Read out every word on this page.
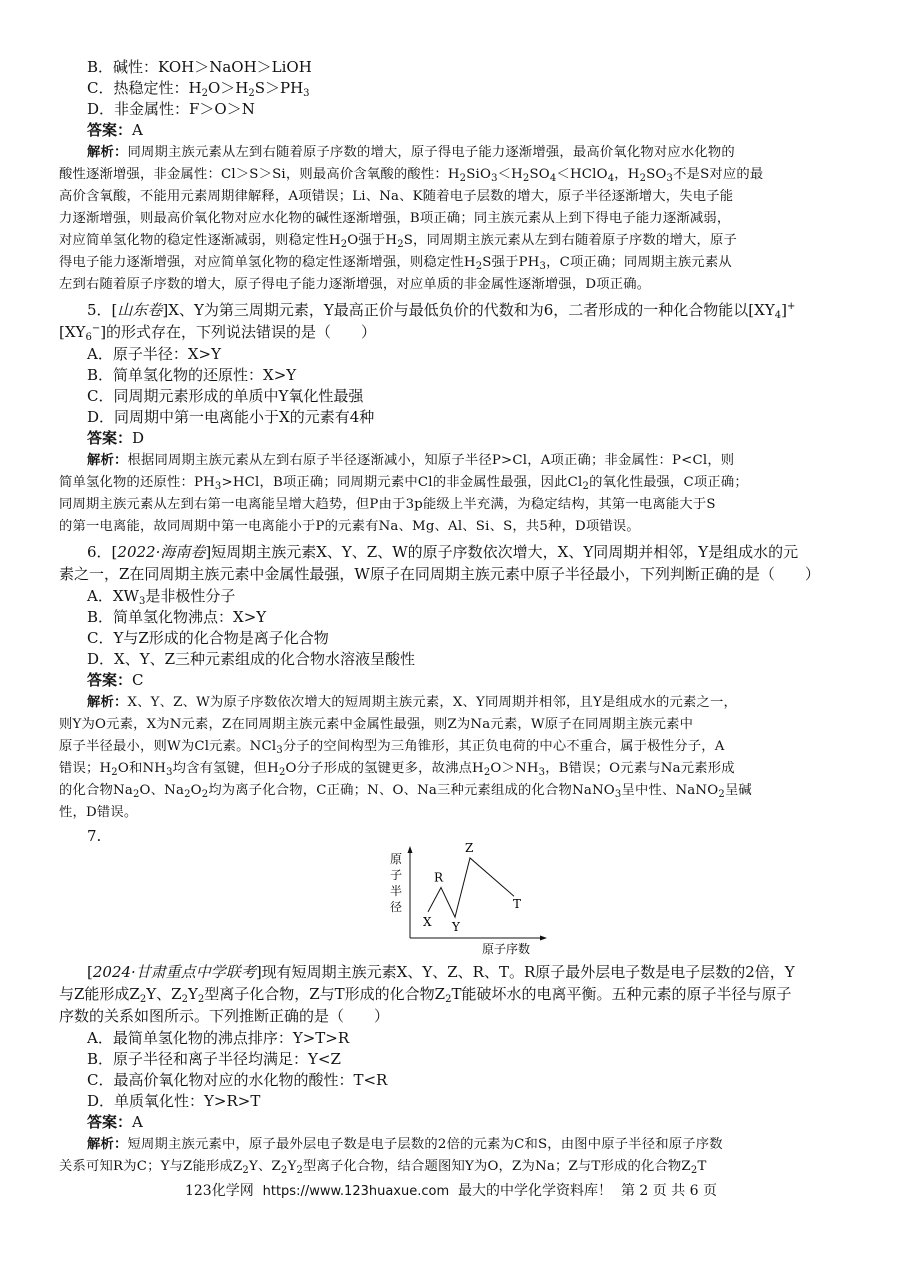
B．碱性：KOH＞NaOH＞LiOH
C．热稳定性：$H_2O>H_2S>PH_3$
D．非金属性：F＞O＞N
答案：A
解析：同周期主族元素从左到右随着原子序数的增大，原子得电子能力逐渐增强，最高价氧化物对应水化物的
酸性逐渐增强，非金属性：Cl＞S＞Si，则最高价含氧酸的酸性：$H_2SiO_3<H_2SO_4<HClO_4$，$H_2SO_3$不是S对应的最
高价含氧酸，不能用元素周期律解释，A项错误；Li、Na、K随着电子层数的增大，原子半径逐渐增大，失电子能
力逐渐增强，则最高价氧化物对应水化物的碱性逐渐增强，B项正确；同主族元素从上到下得电子能力逐渐减弱，
对应简单氢化物的稳定性逐渐减弱，则稳定性$H_2O$强于$H_2S$，同周期主族元素从左到右随着原子序数的增大，原子
得电子能力逐渐增强，对应简单氢化物的稳定性逐渐增强，则稳定性$H_2S$强于$PH_3$，C项正确；同周期主族元素从
左到右随着原子序数的增大，原子得电子能力逐渐增强，对应单质的非金属性逐渐增强，D项正确。
5．[山东卷]X、Y为第三周期元素，Y最高正价与最低负价的代数和为6，二者形成的一种化合物能以$[XY_4]^+$
$[XY_6^-]$的形式存在，下列说法错误的是（　　）
A．原子半径：X>Y
B．简单氢化物的还原性：X>Y
C．同周期元素形成的单质中Y氧化性最强
D．同周期中第一电离能小于X的元素有4种
答案：D
解析：根据同周期主族元素从左到右原子半径逐渐减小，知原子半径P>Cl，A项正确；非金属性：P<Cl，则
简单氢化物的还原性：$PH_3>HCl$，B项正确；同周期元素中Cl的非金属性最强，因此$Cl_2$的氧化性最强，C项正确；
同周期主族元素从左到右第一电离能呈增大趋势，但P由于3p能级上半充满，为稳定结构，其第一电离能大于S
的第一电离能，故同周期中第一电离能小于P的元素有Na、Mg、Al、Si、S，共5种，D项错误。
6．[2022·海南卷]短周期主族元素X、Y、Z、W的原子序数依次增大，X、Y同周期并相邻，Y是组成水的元
素之一，Z在同周期主族元素中金属性最强，W原子在同周期主族元素中原子半径最小，下列判断正确的是（　　）
A．$XW_3$是非极性分子
B．简单氢化物沸点：X>Y
C．Y与Z形成的化合物是离子化合物
D．X、Y、Z三种元素组成的化合物水溶液呈酸性
答案：C
解析：X、Y、Z、W为原子序数依次增大的短周期主族元素，X、Y同周期并相邻，且Y是组成水的元素之一，
则Y为O元素，X为N元素，Z在同周期主族元素中金属性最强，则Z为Na元素，W原子在同周期主族元素中
原子半径最小，则W为Cl元素。NCl$_3$分子的空间构型为三角锥形，其正负电荷的中心不重合，属于极性分子，A
错误；$H_2O$和$NH_3$均含有氢键，但$H_2O$分子形成的氢键更多，故沸点$H_2O>NH_3$，B错误；O元素与Na元素形成
的化合物$Na_2O$、$Na_2O_2$均为离子化合物，C正确；N、O、Na三种元素组成的化合物NaNO$_3$呈中性、NaNO$_2$呈碱
性，D错误。
7.
原
子
半
径
原子序数
X
R
Y
Z
T
[2024·甘肃重点中学联考]现有短周期主族元素X、Y、Z、R、T。R原子最外层电子数是电子层数的2倍，Y
与Z能形成$Z_2Y$、$Z_2Y_2$型离子化合物，Z与T形成的化合物$Z_2T$能破坏水的电离平衡。五种元素的原子半径与原子
序数的关系如图所示。下列推断正确的是（　　）
A．最简单氢化物的沸点排序：Y>T>R
B．原子半径和离子半径均满足：Y<Z
C．最高价氧化物对应的水化物的酸性：T<R
D．单质氧化性：Y>R>T
答案：A
解析：短周期主族元素中，原子最外层电子数是电子层数的2倍的元素为C和S，由图中原子半径和原子序数
关系可知R为C；Y与Z能形成$Z_2Y$、$Z_2Y_2$型离子化合物，结合题图知Y为O，Z为Na；Z与T形成的化合物$Z_2T$
123化学网 https://www.123huaxue.com 最大的中学化学资料库！ 第 2 页 共 6 页
